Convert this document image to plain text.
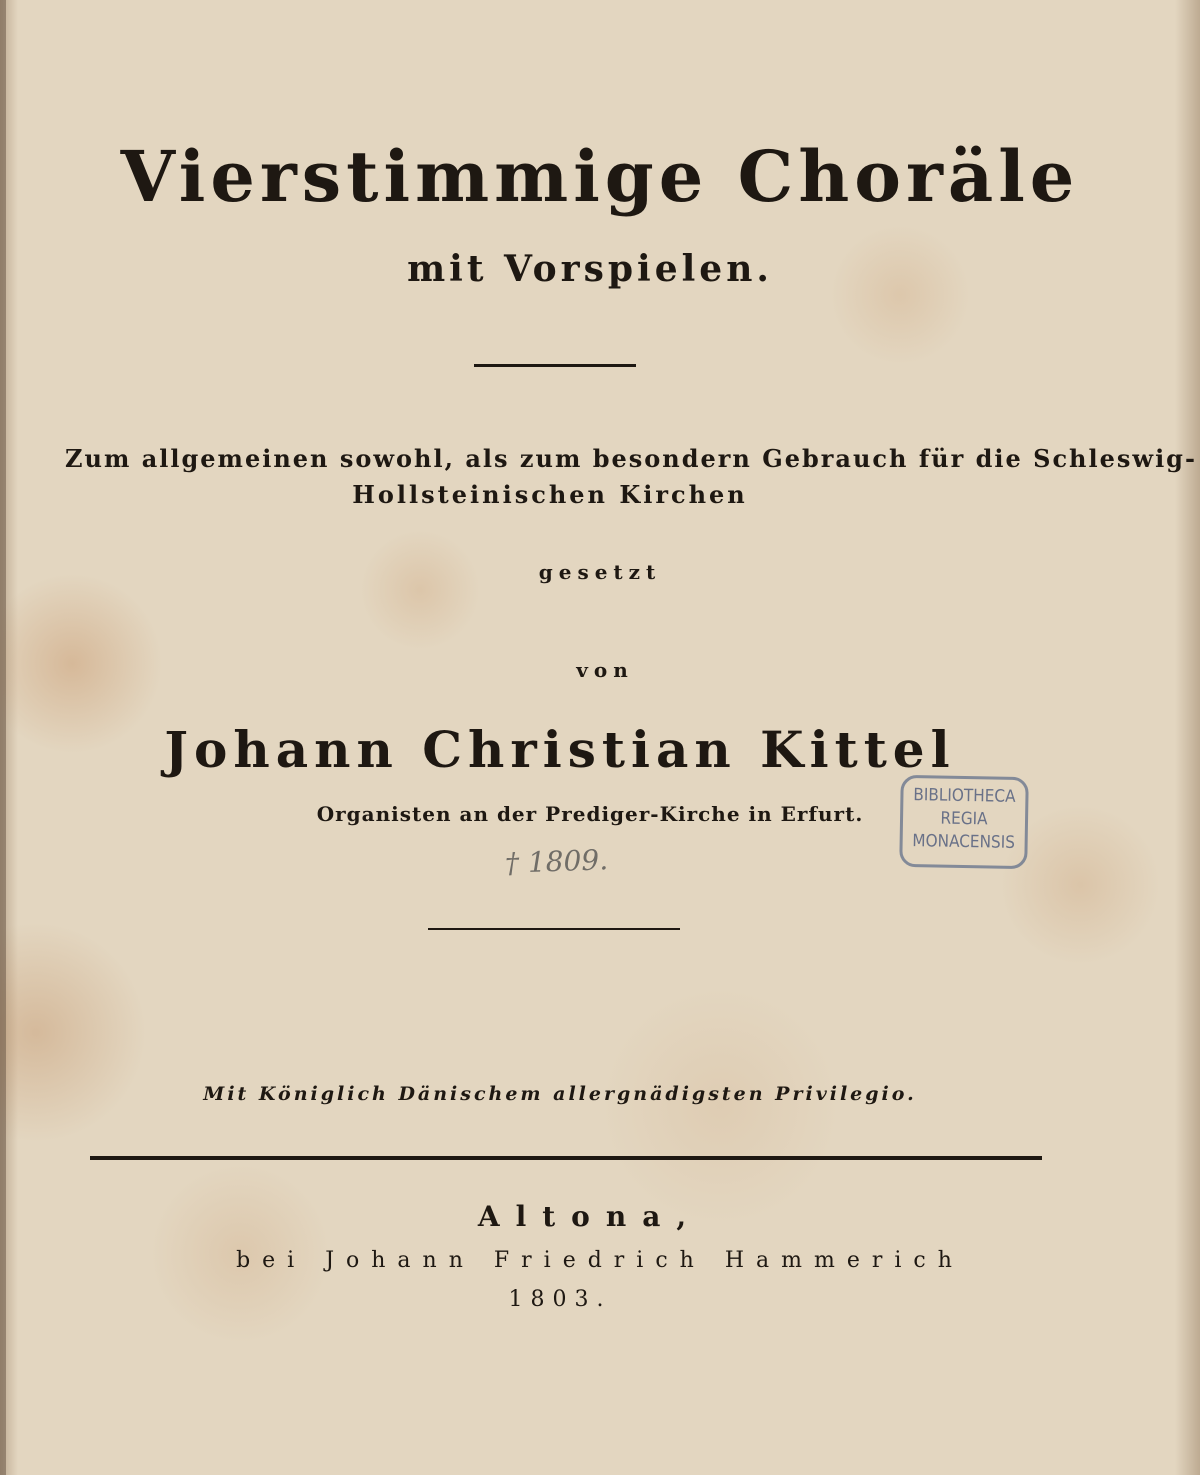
Vierstimmige Choräle
mit Vorspielen.
Zum allgemeinen sowohl, als zum besondern Gebrauch für die Schleswig-
Hollsteinischen Kirchen
gesetzt
von
Johann Christian Kittel
Organisten an der Prediger-Kirche in Erfurt.
† 1809.
BIBLIOTHECA
REGIA
MONACENSIS
Mit Königlich Dänischem allergnädigsten Privilegio.
Altona,
bei Johann Friedrich Hammerich
1803.
